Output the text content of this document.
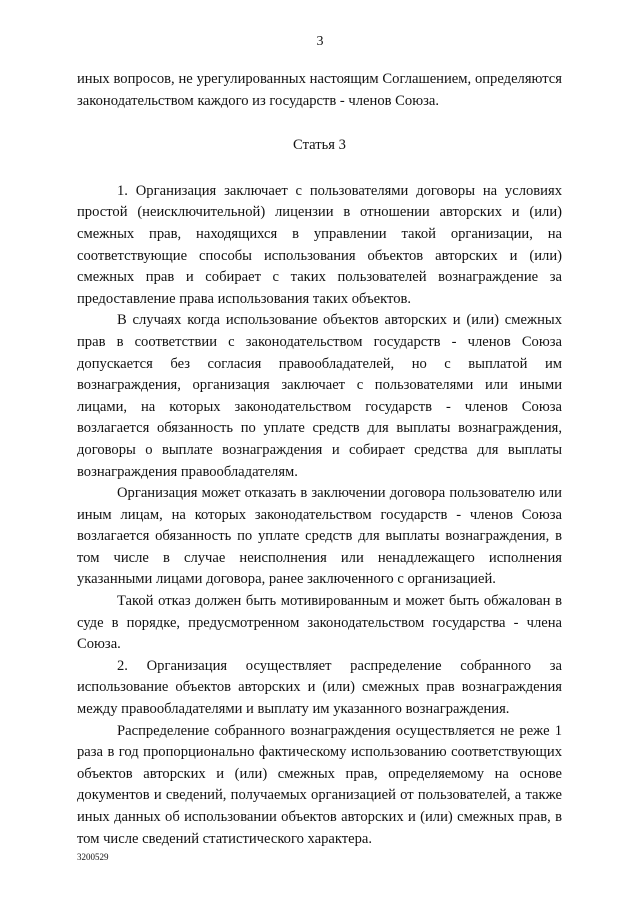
3

иных вопросов, не урегулированных настоящим Соглашением, определяются законодательством каждого из государств - членов Союза.

Статья 3

1. Организация заключает с пользователями договоры на условиях простой (неисключительной) лицензии в отношении авторских и (или) смежных прав, находящихся в управлении такой организации, на соответствующие способы использования объектов авторских и (или) смежных прав и собирает с таких пользователей вознаграждение за предоставление права использования таких объектов.

В случаях когда использование объектов авторских и (или) смежных прав в соответствии с законодательством государств - членов Союза допускается без согласия правообладателей, но с выплатой им вознаграждения, организация заключает с пользователями или иными лицами, на которых законодательством государств - членов Союза возлагается обязанность по уплате средств для выплаты вознаграждения, договоры о выплате вознаграждения и собирает средства для выплаты вознаграждения правообладателям.

Организация может отказать в заключении договора пользователю или иным лицам, на которых законодательством государств - членов Союза возлагается обязанность по уплате средств для выплаты вознаграждения, в том числе в случае неисполнения или ненадлежащего исполнения указанными лицами договора, ранее заключенного с организацией.

Такой отказ должен быть мотивированным и может быть обжалован в суде в порядке, предусмотренном законодательством государства - члена Союза.

2. Организация осуществляет распределение собранного за использование объектов авторских и (или) смежных прав вознаграждения между правообладателями и выплату им указанного вознаграждения.

Распределение собранного вознаграждения осуществляется не реже 1 раза в год пропорционально фактическому использованию соответствующих объектов авторских и (или) смежных прав, определяемому на основе документов и сведений, получаемых организацией от пользователей, а также иных данных об использовании объектов авторских и (или) смежных прав, в том числе сведений статистического характера.

3200529
